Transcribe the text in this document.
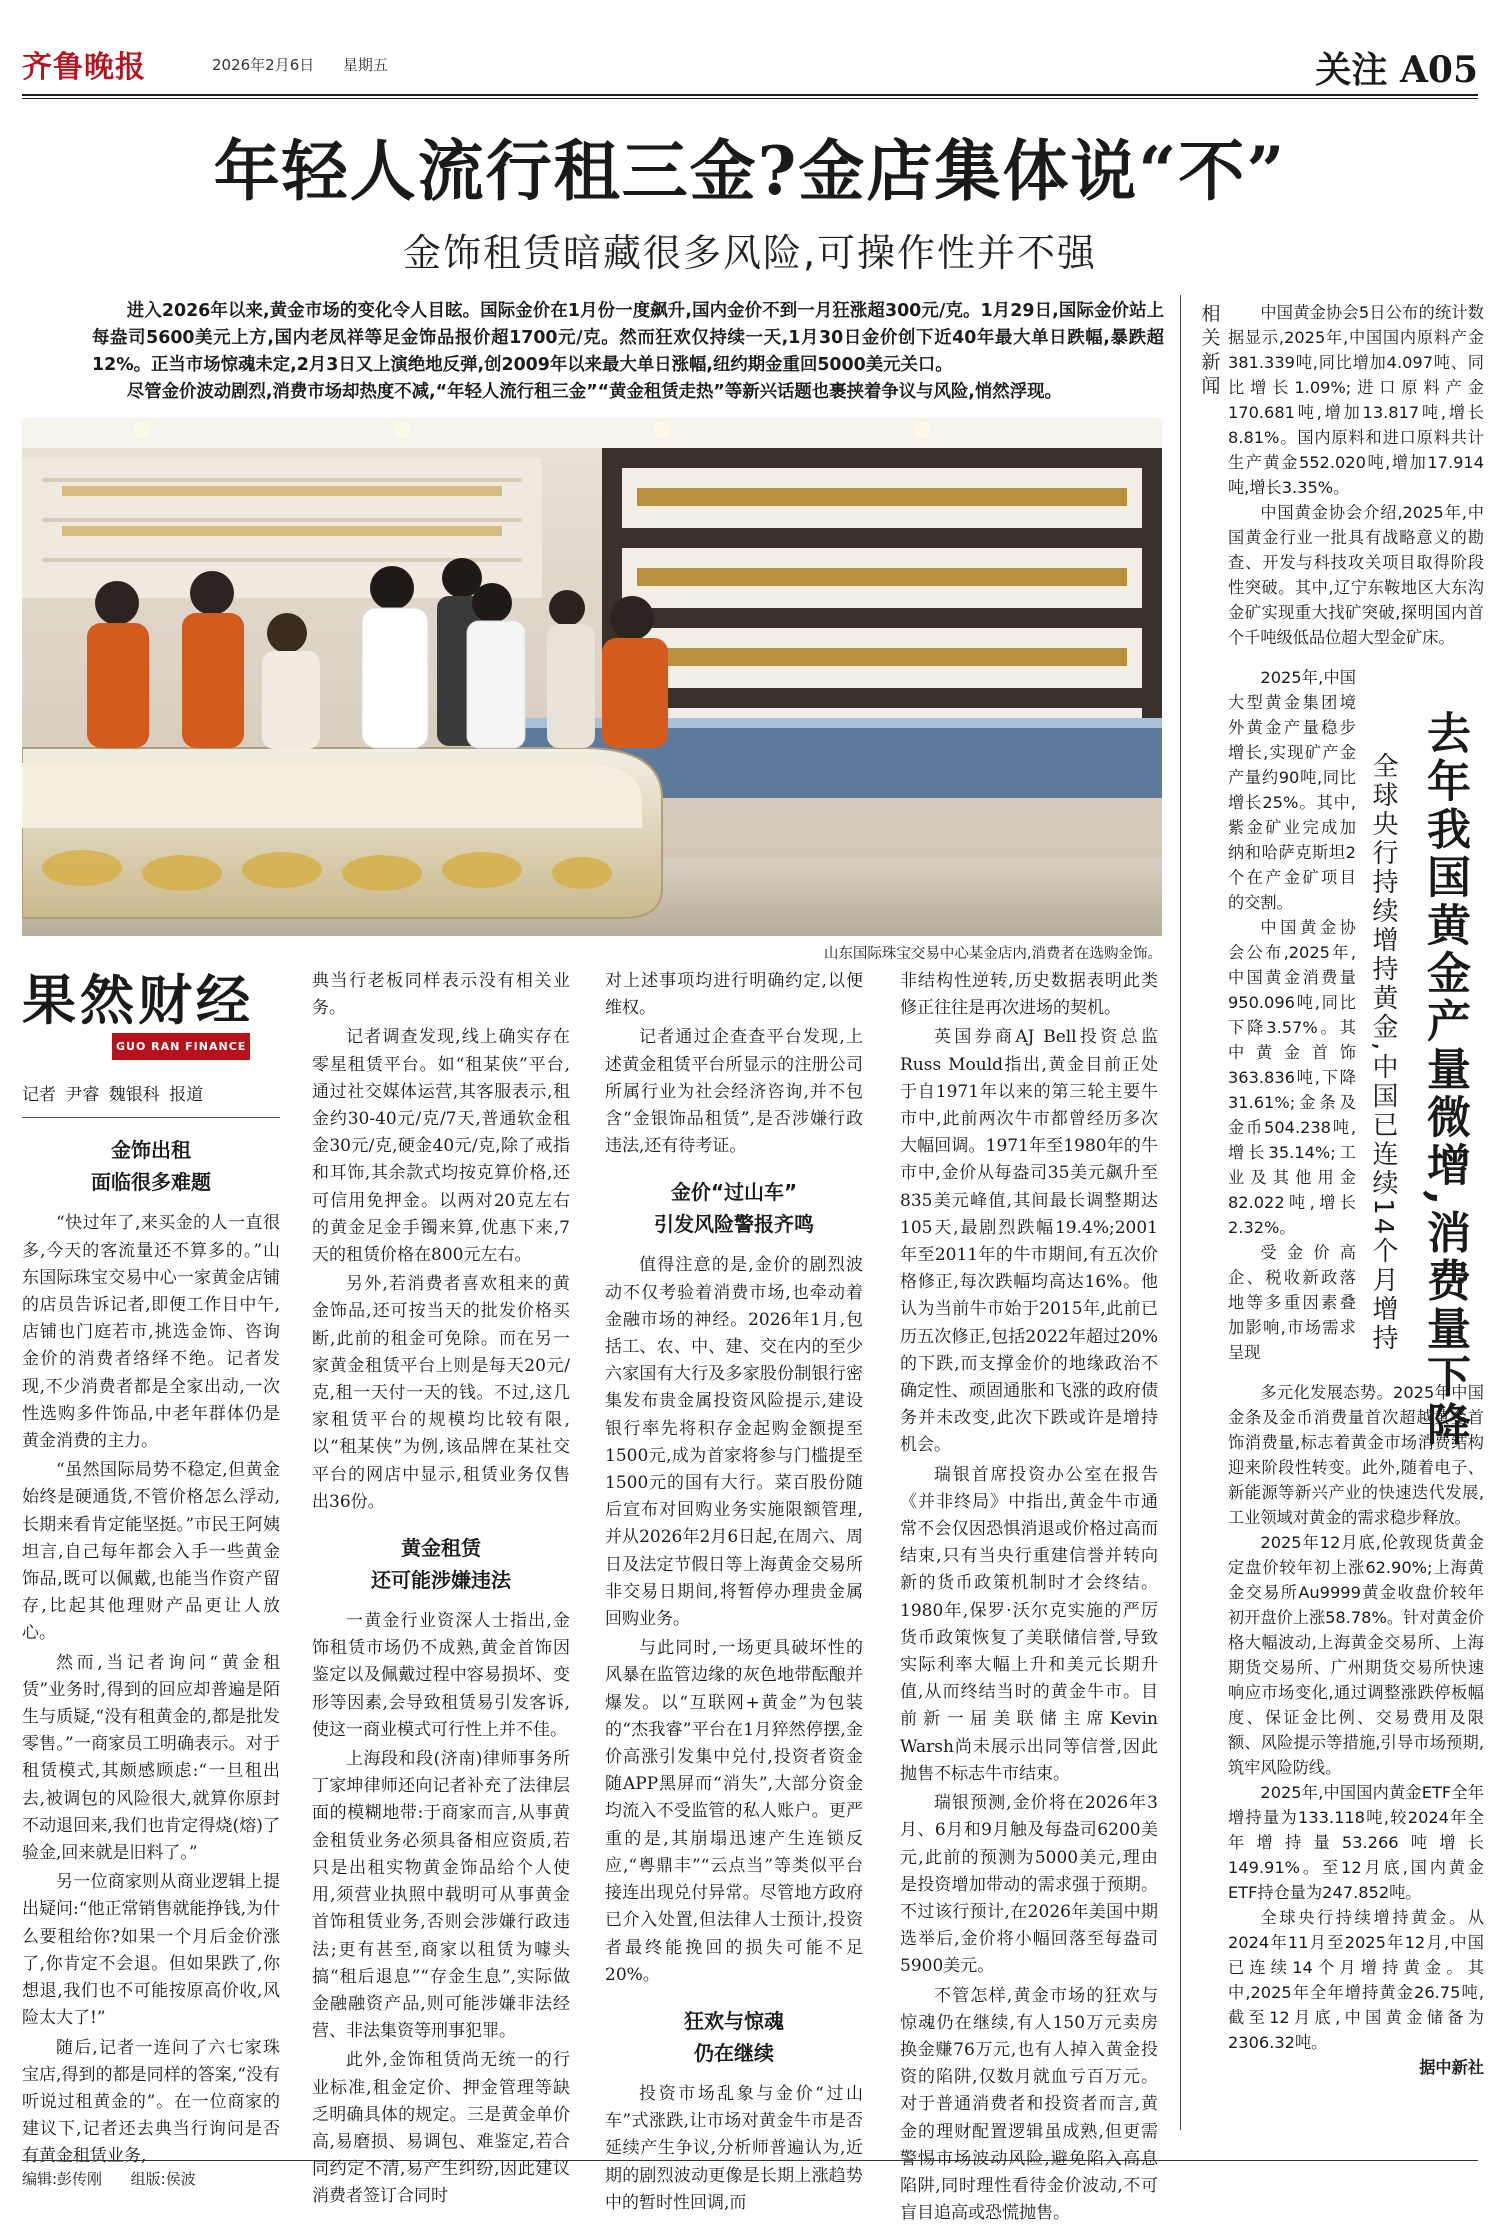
齐鲁晚报	2026年2月6日 星期五	关注 A05
年轻人流行租三金?金店集体说“不”
金饰租赁暗藏很多风险,可操作性并不强

进入2026年以来,黄金市场的变化令人目眩。国际金价在1月份一度飙升,国内金价不到一月狂涨超300元/克。1月29日,国际金价站上每盎司5600美元上方,国内老凤祥等足金饰品报价超1700元/克。然而狂欢仅持续一天,1月30日金价创下近40年最大单日跌幅,暴跌超12%。正当市场惊魂未定,2月3日又上演绝地反弹,创2009年以来最大单日涨幅,纽约期金重回5000美元关口。

尽管金价波动剧烈,消费市场却热度不减,“年轻人流行租三金”“黄金租赁走热”等新兴话题也裹挟着争议与风险,悄然浮现。

山东国际珠宝交易中心某金店内,消费者在选购金饰。
果然财经
GUO RAN FINANCE
记者 尹睿 魏银科 报道
金饰出租
面临很多难题

“快过年了,来买金的人一直很多,今天的客流量还不算多的。”山东国际珠宝交易中心一家黄金店铺的店员告诉记者,即便工作日中午,店铺也门庭若市,挑选金饰、咨询金价的消费者络绎不绝。记者发现,不少消费者都是全家出动,一次性选购多件饰品,中老年群体仍是黄金消费的主力。

“虽然国际局势不稳定,但黄金始终是硬通货,不管价格怎么浮动,长期来看肯定能坚挺。”市民王阿姨坦言,自己每年都会入手一些黄金饰品,既可以佩戴,也能当作资产留存,比起其他理财产品更让人放心。

然而,当记者询问“黄金租赁”业务时,得到的回应却普遍是陌生与质疑,“没有租黄金的,都是批发零售。”一商家员工明确表示。对于租赁模式,其颇感顾虑:“一旦租出去,被调包的风险很大,就算你原封不动退回来,我们也肯定得烧(熔)了验金,回来就是旧料了。”

另一位商家则从商业逻辑上提出疑问:“他正常销售就能挣钱,为什么要租给你?如果一个月后金价涨了,你肯定不会退。但如果跌了,你想退,我们也不可能按原高价收,风险太大了!”

随后,记者一连问了六七家珠宝店,得到的都是同样的答案,“没有听说过租黄金的”。在一位商家的建议下,记者还去典当行询问是否有黄金租赁业务,

典当行老板同样表示没有相关业务。

记者调查发现,线上确实存在零星租赁平台。如“租某侠”平台,通过社交媒体运营,其客服表示,租金约30-40元/克/7天,普通软金租金30元/克,硬金40元/克,除了戒指和耳饰,其余款式均按克算价格,还可信用免押金。以两对20克左右的黄金足金手镯来算,优惠下来,7天的租赁价格在800元左右。

另外,若消费者喜欢租来的黄金饰品,还可按当天的批发价格买断,此前的租金可免除。而在另一家黄金租赁平台上则是每天20元/克,租一天付一天的钱。不过,这几家租赁平台的规模均比较有限,以“租某侠”为例,该品牌在某社交平台的网店中显示,租赁业务仅售出36份。

黄金租赁
还可能涉嫌违法

一黄金行业资深人士指出,金饰租赁市场仍不成熟,黄金首饰因鉴定以及佩戴过程中容易损坏、变形等因素,会导致租赁易引发客诉,使这一商业模式可行性上并不佳。

上海段和段(济南)律师事务所丁家坤律师还向记者补充了法律层面的模糊地带:于商家而言,从事黄金租赁业务必须具备相应资质,若只是出租实物黄金饰品给个人使用,须营业执照中载明可从事黄金首饰租赁业务,否则会涉嫌行政违法;更有甚至,商家以租赁为噱头搞“租后退息”“存金生息”,实际做金融融资产品,则可能涉嫌非法经营、非法集资等刑事犯罪。

此外,金饰租赁尚无统一的行业标准,租金定价、押金管理等缺乏明确具体的规定。三是黄金单价高,易磨损、易调包、难鉴定,若合同约定不清,易产生纠纷,因此建议消费者签订合同时

对上述事项均进行明确约定,以便维权。

记者通过企查查平台发现,上述黄金租赁平台所显示的注册公司所属行业为社会经济咨询,并不包含“金银饰品租赁”,是否涉嫌行政违法,还有待考证。

金价“过山车”
引发风险警报齐鸣

值得注意的是,金价的剧烈波动不仅考验着消费市场,也牵动着金融市场的神经。2026年1月,包括工、农、中、建、交在内的至少六家国有大行及多家股份制银行密集发布贵金属投资风险提示,建设银行率先将积存金起购金额提至1500元,成为首家将参与门槛提至1500元的国有大行。菜百股份随后宣布对回购业务实施限额管理,并从2026年2月6日起,在周六、周日及法定节假日等上海黄金交易所非交易日期间,将暂停办理贵金属回购业务。

与此同时,一场更具破坏性的风暴在监管边缘的灰色地带酝酿并爆发。以“互联网+黄金”为包装的“杰我睿”平台在1月猝然停摆,金价高涨引发集中兑付,投资者资金随APP黑屏而“消失”,大部分资金均流入不受监管的私人账户。更严重的是,其崩塌迅速产生连锁反应,“粤鼎丰”“云点当”等类似平台接连出现兑付异常。尽管地方政府已介入处置,但法律人士预计,投资者最终能挽回的损失可能不足20%。

狂欢与惊魂
仍在继续

投资市场乱象与金价“过山车”式涨跌,让市场对黄金牛市是否延续产生争议,分析师普遍认为,近期的剧烈波动更像是长期上涨趋势中的暂时性回调,而

非结构性逆转,历史数据表明此类修正往往是再次进场的契机。

英国券商AJ Bell投资总监Russ Mould指出,黄金目前正处于自1971年以来的第三轮主要牛市中,此前两次牛市都曾经历多次大幅回调。1971年至1980年的牛市中,金价从每盎司35美元飙升至835美元峰值,其间最长调整期达105天,最剧烈跌幅19.4%;2001年至2011年的牛市期间,有五次价格修正,每次跌幅均高达16%。他认为当前牛市始于2015年,此前已历五次修正,包括2022年超过20%的下跌,而支撑金价的地缘政治不确定性、顽固通胀和飞涨的政府债务并未改变,此次下跌或许是增持机会。

瑞银首席投资办公室在报告《并非终局》中指出,黄金牛市通常不会仅因恐惧消退或价格过高而结束,只有当央行重建信誉并转向新的货币政策机制时才会终结。1980年,保罗·沃尔克实施的严厉货币政策恢复了美联储信誉,导致实际利率大幅上升和美元长期升值,从而终结当时的黄金牛市。目前新一届美联储主席Kevin Warsh尚未展示出同等信誉,因此抛售不标志牛市结束。

瑞银预测,金价将在2026年3月、6月和9月触及每盎司6200美元,此前的预测为5000美元,理由是投资增加带动的需求强于预期。不过该行预计,在2026年美国中期选举后,金价将小幅回落至每盎司5900美元。

不管怎样,黄金市场的狂欢与惊魂仍在继续,有人150万元卖房换金赚76万元,也有人掉入黄金投资的陷阱,仅数月就血亏百万元。对于普通消费者和投资者而言,黄金的理财配置逻辑虽成熟,但更需警惕市场波动风险,避免陷入高息陷阱,同时理性看待金价波动,不可盲目追高或恐慌抛售。

相关新闻

中国黄金协会5日公布的统计数据显示,2025年,中国国内原料产金381.339吨,同比增加4.097吨、同比增长1.09%;进口原料产金170.681吨,增加13.817吨,增长8.81%。国内原料和进口原料共计生产黄金552.020吨,增加17.914吨,增长3.35%。

中国黄金协会介绍,2025年,中国黄金行业一批具有战略意义的勘查、开发与科技攻关项目取得阶段性突破。其中,辽宁东鞍地区大东沟金矿实现重大找矿突破,探明国内首个千吨级低品位超大型金矿床。

2025年,中国大型黄金集团境外黄金产量稳步增长,实现矿产金产量约90吨,同比增长25%。其中,紫金矿业完成加纳和哈萨克斯坦2个在产金矿项目的交割。

中国黄金协会公布,2025年,中国黄金消费量950.096吨,同比下降3.57%。其中黄金首饰363.836吨,下降31.61%;金条及金币504.238吨,增长35.14%;工业及其他用金82.022吨,增长2.32%。

受金价高企、税收新政落地等多重因素叠加影响,市场需求呈现	去年我国黄金产量微增,消费量下降
全球央行持续增持黄金,中国已连续14个月增持

多元化发展态势。2025年中国金条及金币消费量首次超越黄金首饰消费量,标志着黄金市场消费结构迎来阶段性转变。此外,随着电子、新能源等新兴产业的快速迭代发展,工业领域对黄金的需求稳步释放。

2025年12月底,伦敦现货黄金定盘价较年初上涨62.90%;上海黄金交易所Au9999黄金收盘价较年初开盘价上涨58.78%。针对黄金价格大幅波动,上海黄金交易所、上海期货交易所、广州期货交易所快速响应市场变化,通过调整涨跌停板幅度、保证金比例、交易费用及限额、风险提示等措施,引导市场预期,筑牢风险防线。

2025年,中国国内黄金ETF全年增持量为133.118吨,较2024年全年增持量53.266吨增长149.91%。至12月底,国内黄金ETF持仓量为247.852吨。

全球央行持续增持黄金。从2024年11月至2025年12月,中国已连续14个月增持黄金。其中,2025年全年增持黄金26.75吨,截至12月底,中国黄金储备为2306.32吨。

据中新社
编辑:彭传刚 组版:侯波
